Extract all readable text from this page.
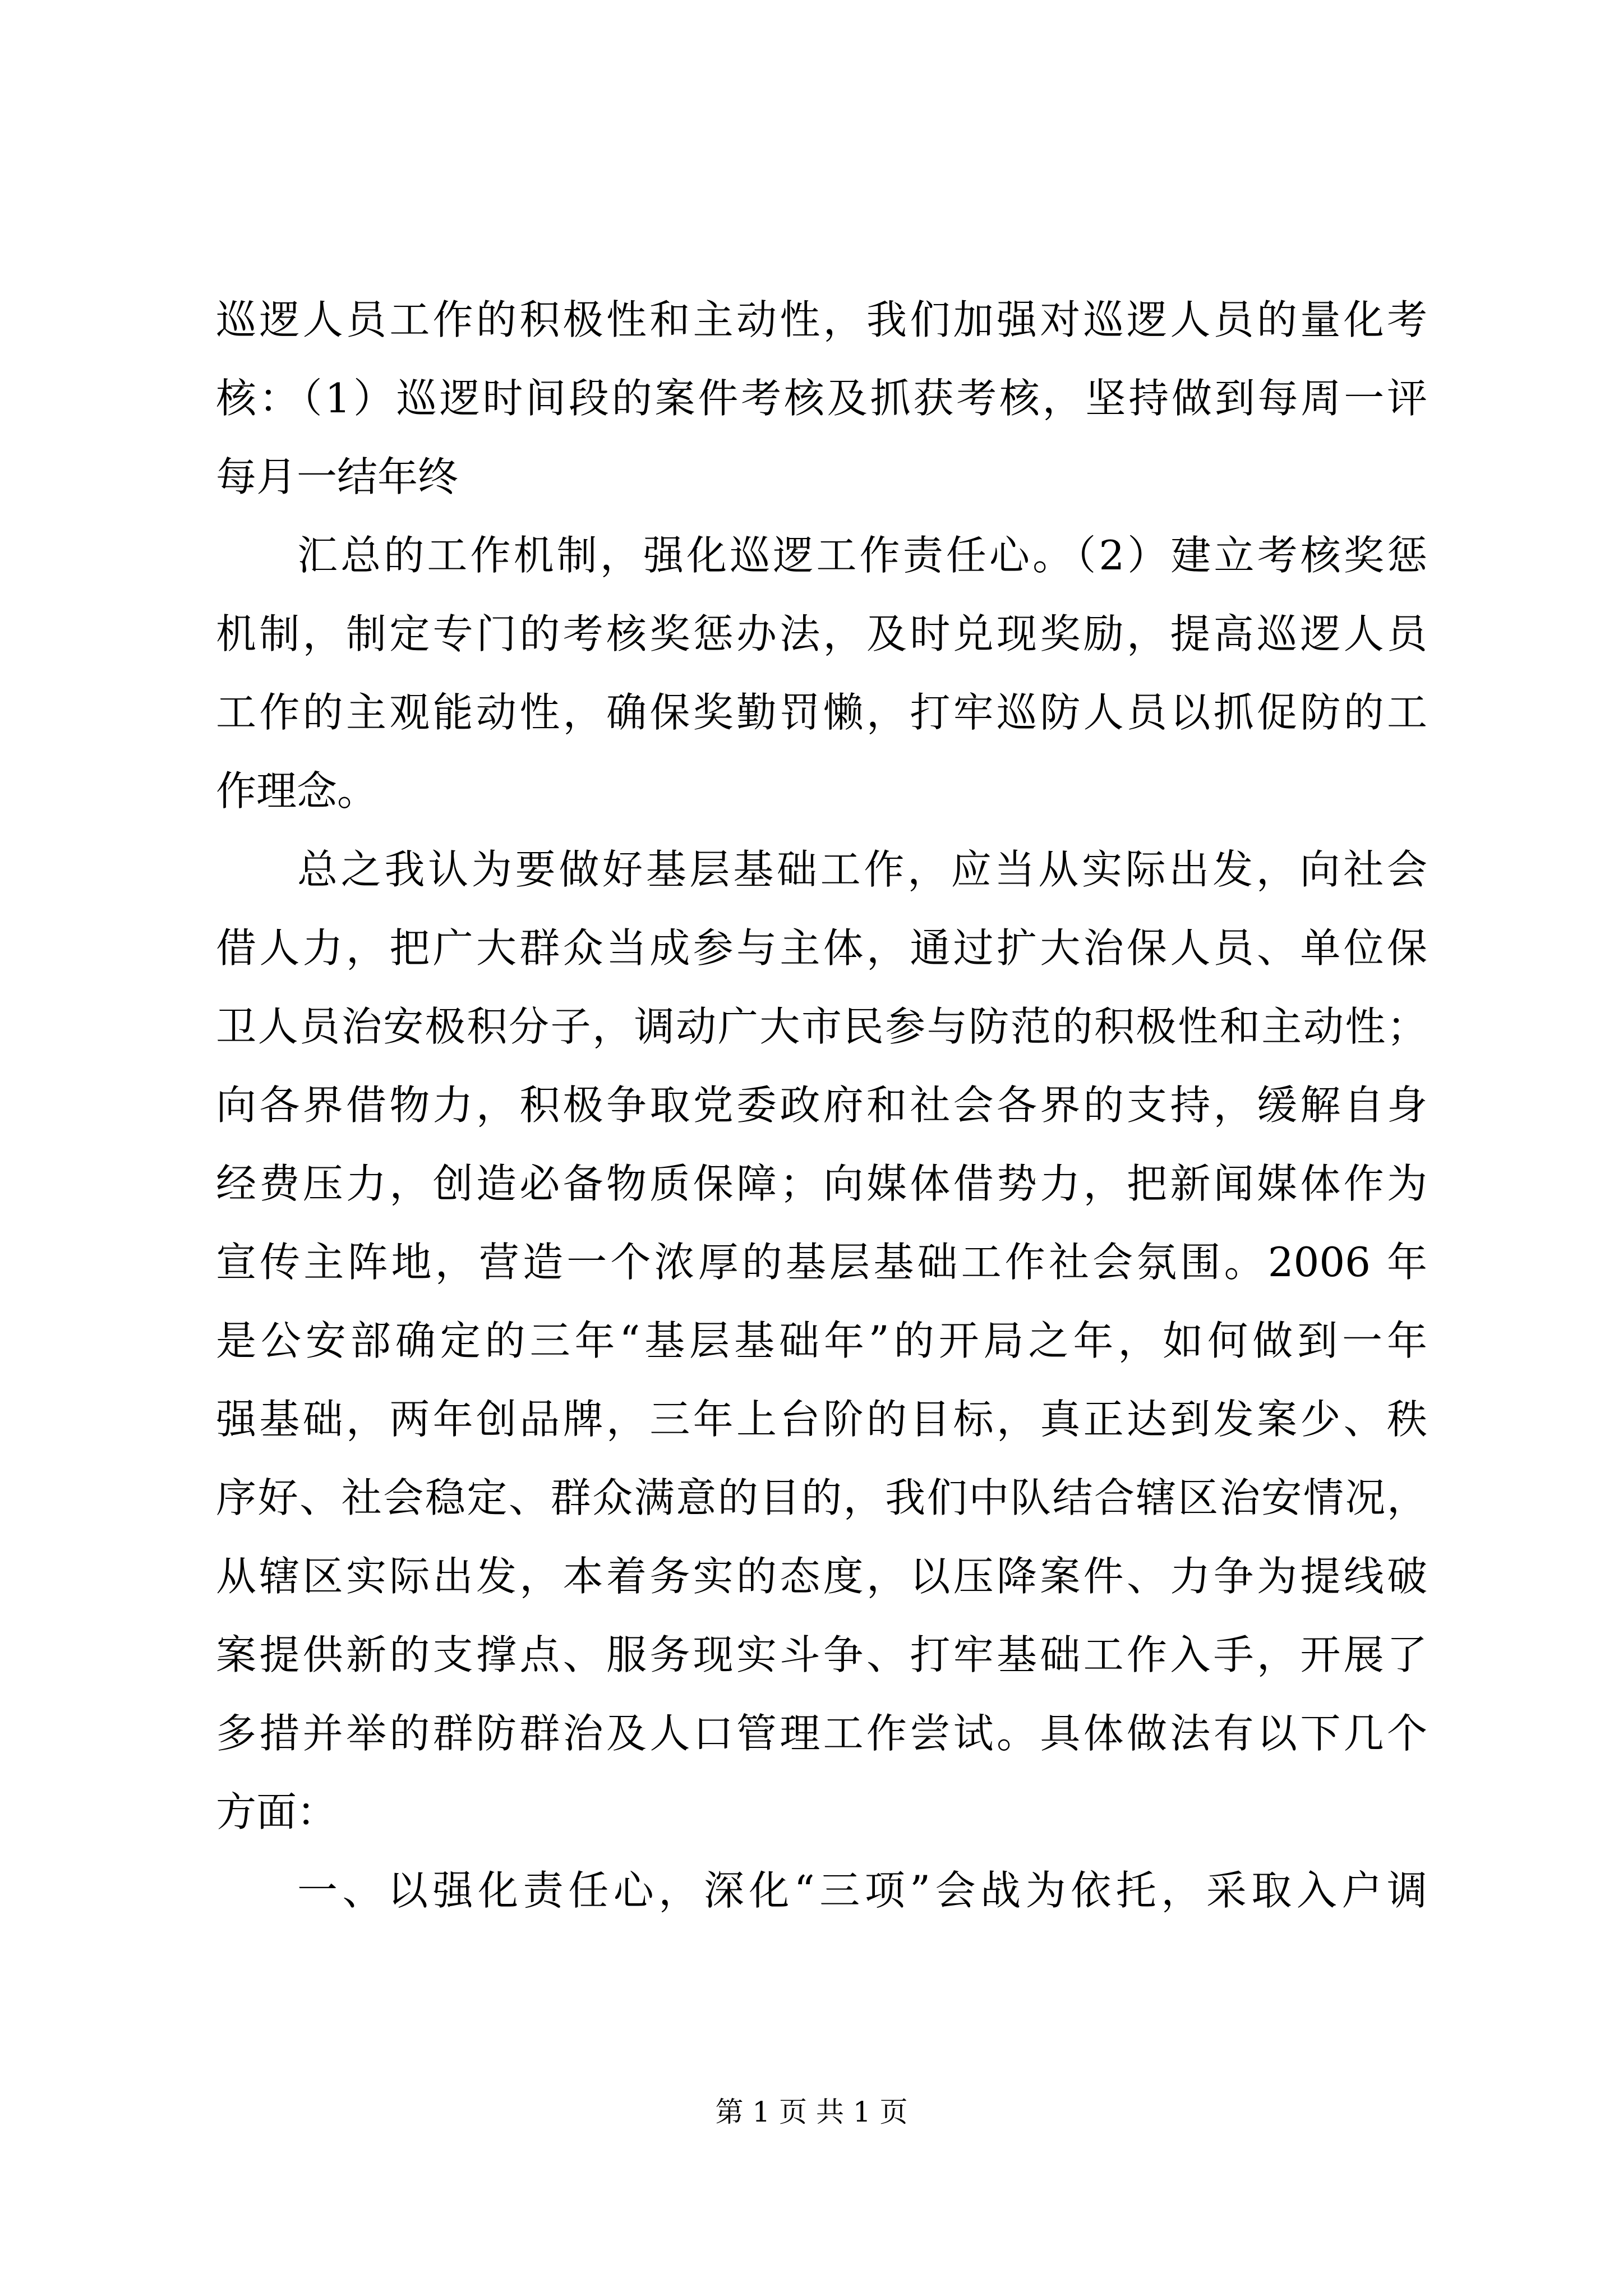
巡逻人员工作的积极性和主动性，我们加强对巡逻人员的量化考
核：（1）巡逻时间段的案件考核及抓获考核，坚持做到每周一评
每月一结年终
汇总的工作机制，强化巡逻工作责任心。（2）建立考核奖惩
机制，制定专门的考核奖惩办法，及时兑现奖励，提高巡逻人员
工作的主观能动性，确保奖勤罚懒，打牢巡防人员以抓促防的工
作理念。
总之我认为要做好基层基础工作，应当从实际出发，向社会
借人力，把广大群众当成参与主体，通过扩大治保人员、单位保
卫人员治安极积分子，调动广大市民参与防范的积极性和主动性；
向各界借物力，积极争取党委政府和社会各界的支持，缓解自身
经费压力，创造必备物质保障；向媒体借势力，把新闻媒体作为
宣传主阵地，营造一个浓厚的基层基础工作社会氛围。2006 年
是公安部确定的三年“基层基础年”的开局之年，如何做到一年
强基础，两年创品牌，三年上台阶的目标，真正达到发案少、秩
序好、社会稳定、群众满意的目的，我们中队结合辖区治安情况，
从辖区实际出发，本着务实的态度，以压降案件、力争为提线破
案提供新的支撑点、服务现实斗争、打牢基础工作入手，开展了
多措并举的群防群治及人口管理工作尝试。具体做法有以下几个
方面：
一、以强化责任心，深化“三项”会战为依托，采取入户调
第 1 页 共 1 页
